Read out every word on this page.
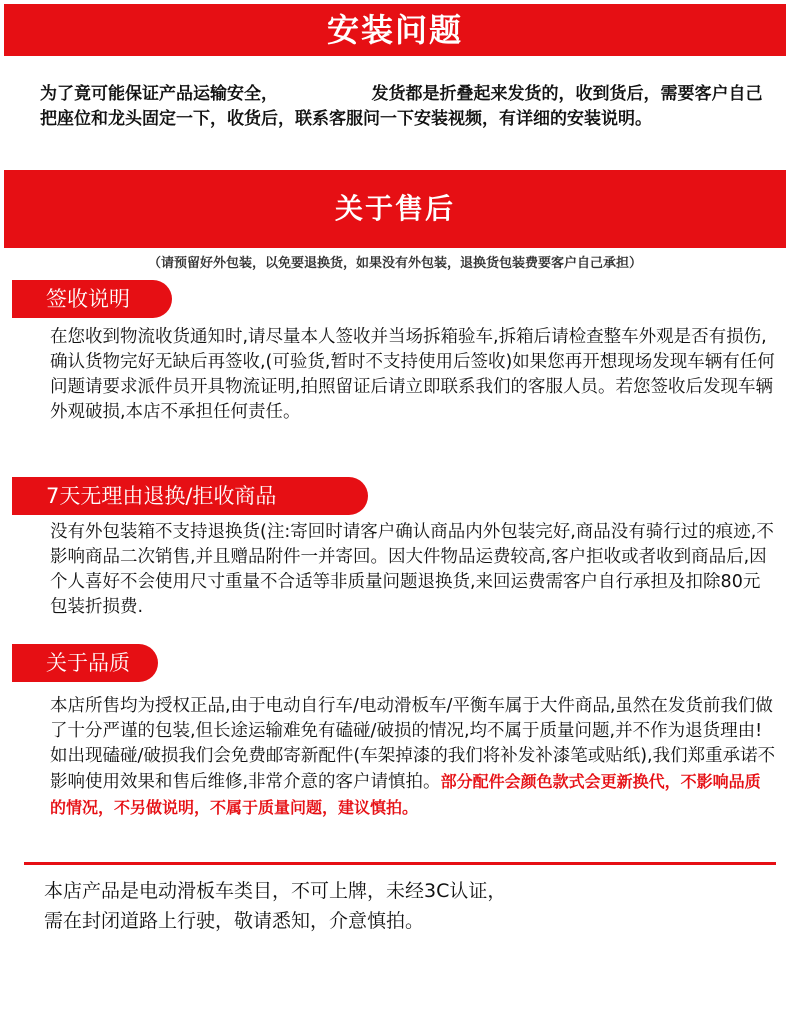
安装问题

为了竟可能保证产品运输安全，　　　　　　发货都是折叠起来发货的，收到货后，需要客户自己把座位和龙头固定一下，收货后，联系客服问一下安装视频，有详细的安装说明。

关于售后
（请预留好外包装，以免要退换货，如果没有外包装，退换货包装费要客户自己承担）
签收说明

在您收到物流收货通知时,请尽量本人签收并当场拆箱验车,拆箱后请检查整车外观是否有损伤,确认货物完好无缺后再签收,(可验货,暂时不支持使用后签收)如果您再开想现场发现车辆有任何问题请要求派件员开具物流证明,拍照留证后请立即联系我们的客服人员。若您签收后发现车辆外观破损,本店不承担任何责任。

7天无理由退换/拒收商品

没有外包装箱不支持退换货(注:寄回时请客户确认商品内外包装完好,商品没有骑行过的痕迹,不影响商品二次销售,并且赠品附件一并寄回。因大件物品运费较高,客户拒收或者收到商品后,因个人喜好不会使用尺寸重量不合适等非质量问题退换货,来回运费需客户自行承担及扣除80元包装折损费.

关于品质

本店所售均为授权正品,由于电动自行车/电动滑板车/平衡车属于大件商品,虽然在发货前我们做了十分严谨的包装,但长途运输难免有磕碰/破损的情况,均不属于质量问题,并不作为退货理由!如出现磕碰/破损我们会免费邮寄新配件(车架掉漆的我们将补发补漆笔或贴纸),我们郑重承诺不影响使用效果和售后维修,非常介意的客户请慎拍。部分配件会颜色款式会更新换代，不影响品质的情况，不另做说明，不属于质量问题，建议慎拍。

本店产品是电动滑板车类目，不可上牌，未经3C认证，
需在封闭道路上行驶，敬请悉知，介意慎拍。
